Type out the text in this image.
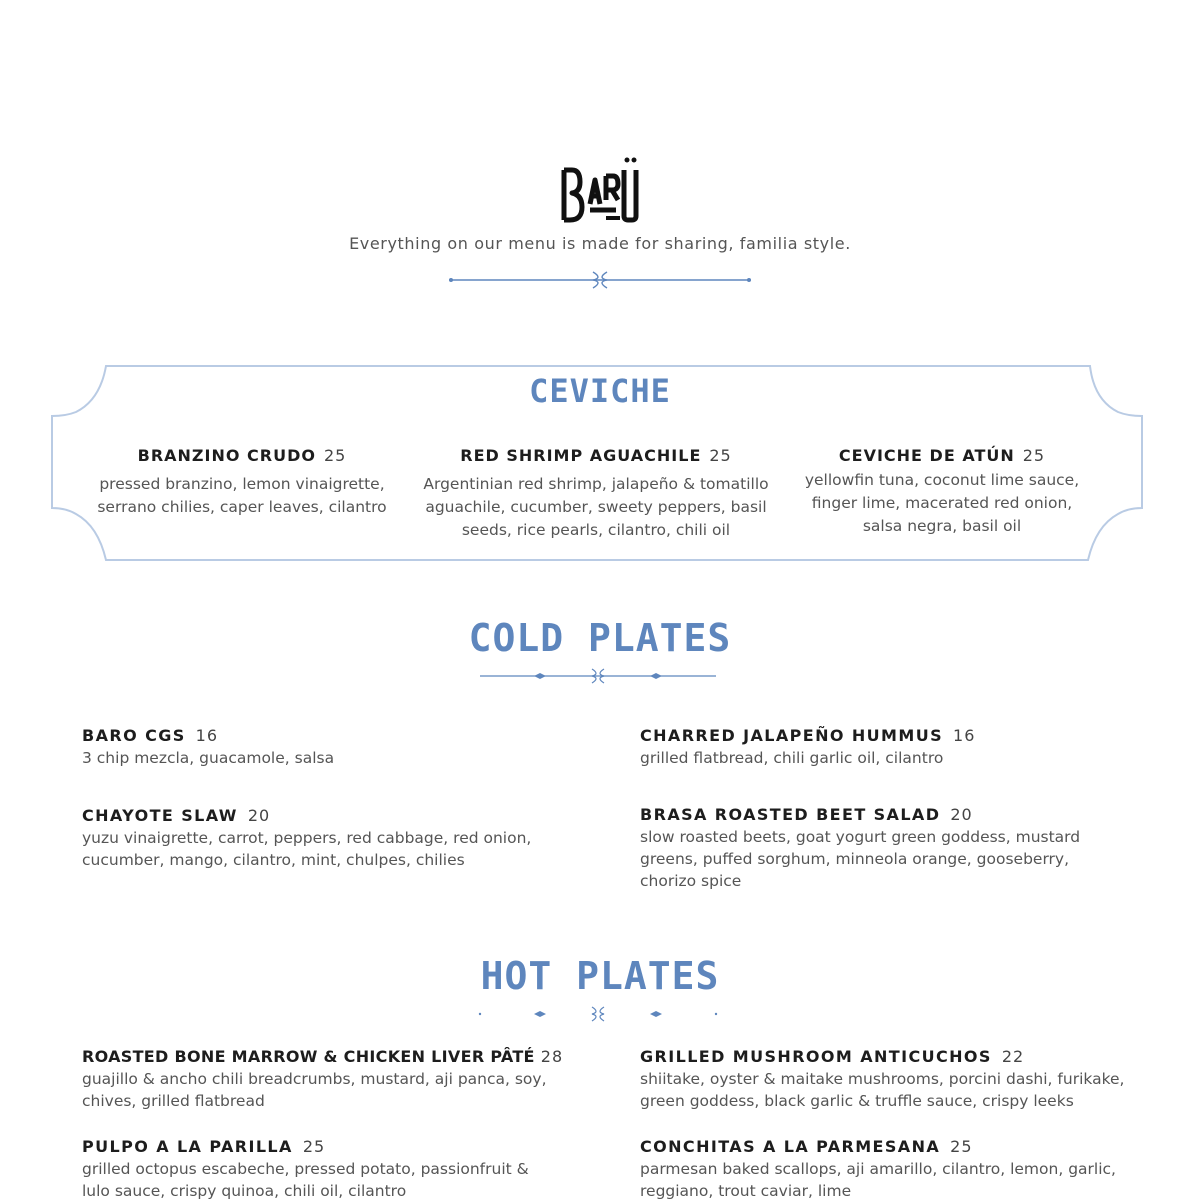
Everything on our menu is made for sharing, familia style.
CEVICHE
BRANZINO CRUDO 25
pressed branzino, lemon vinaigrette,
serrano chilies, caper leaves, cilantro
RED SHRIMP AGUACHILE 25
Argentinian red shrimp, jalapeño & tomatillo
aguachile, cucumber, sweety peppers, basil
seeds, rice pearls, cilantro, chili oil
CEVICHE DE ATÚN 25
yellowfin tuna, coconut lime sauce,
finger lime, macerated red onion,
salsa negra, basil oil
COLD PLATES
BARO CGS 16
3 chip mezcla, guacamole, salsa
CHARRED JALAPEÑO HUMMUS 16
grilled flatbread, chili garlic oil, cilantro
CHAYOTE SLAW 20
yuzu vinaigrette, carrot, peppers, red cabbage, red onion,
cucumber, mango, cilantro, mint, chulpes, chilies
BRASA ROASTED BEET SALAD 20
slow roasted beets, goat yogurt green goddess, mustard
greens, puffed sorghum, minneola orange, gooseberry,
chorizo spice
HOT PLATES
ROASTED BONE MARROW & CHICKEN LIVER PÂTÉ 28
guajillo & ancho chili breadcrumbs, mustard, aji panca, soy,
chives, grilled flatbread
GRILLED MUSHROOM ANTICUCHOS 22
shiitake, oyster & maitake mushrooms, porcini dashi, furikake,
green goddess, black garlic & truffle sauce, crispy leeks
PULPO A LA PARILLA 25
grilled octopus escabeche, pressed potato, passionfruit &
lulo sauce, crispy quinoa, chili oil, cilantro
CONCHITAS A LA PARMESANA 25
parmesan baked scallops, aji amarillo, cilantro, lemon, garlic,
reggiano, trout caviar, lime
